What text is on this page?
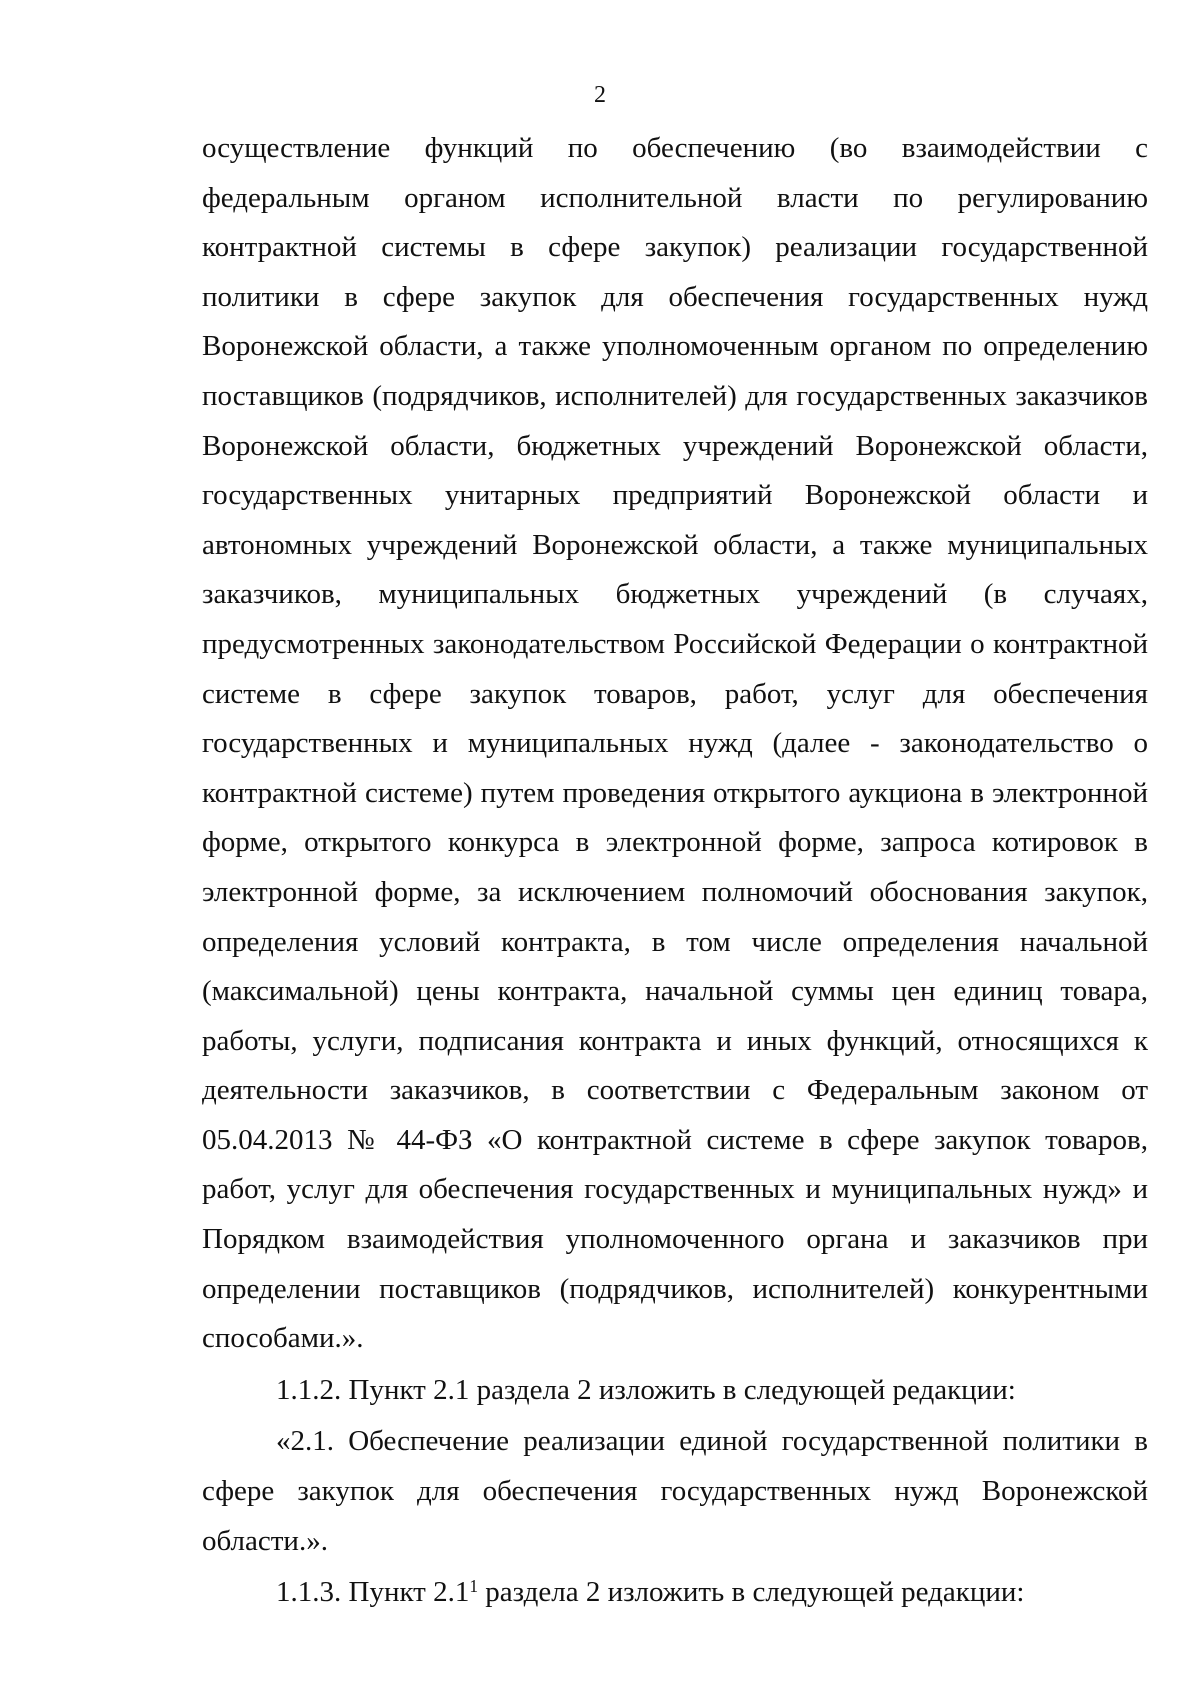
2

осуществление функций по обеспечению (во взаимодействии с федеральным органом исполнительной власти по регулированию контрактной системы в сфере закупок) реализации государственной политики в сфере закупок для обеспечения государственных нужд Воронежской области, а также уполномоченным органом по определению поставщиков (подрядчиков, исполнителей) для государственных заказчиков Воронежской области, бюджетных учреждений Воронежской области, государственных унитарных предприятий Воронежской области и автономных учреждений Воронежской области, а также муниципальных заказчиков, муниципальных бюджетных учреждений (в случаях, предусмотренных законодательством Российской Федерации о контрактной системе в сфере закупок товаров, работ, услуг для обеспечения государственных и муниципальных нужд (далее - законодательство о контрактной системе) путем проведения открытого аукциона в электронной форме, открытого конкурса в электронной форме, запроса котировок в электронной форме, за исключением полномочий обоснования закупок, определения условий контракта, в том числе определения начальной (максимальной) цены контракта, начальной суммы цен единиц товара, работы, услуги, подписания контракта и иных функций, относящихся к деятельности заказчиков, в соответствии с Федеральным законом от 05.04.2013 № 44-ФЗ «О контрактной системе в сфере закупок товаров, работ, услуг для обеспечения государственных и муниципальных нужд» и Порядком взаимодействия уполномоченного органа и заказчиков при определении поставщиков (подрядчиков, исполнителей) конкурентными способами.».

1.1.2. Пункт 2.1 раздела 2 изложить в следующей редакции:

«2.1. Обеспечение реализации единой государственной политики в сфере закупок для обеспечения государственных нужд Воронежской области.».

1.1.3. Пункт $2.1^1$ раздела 2 изложить в следующей редакции:
